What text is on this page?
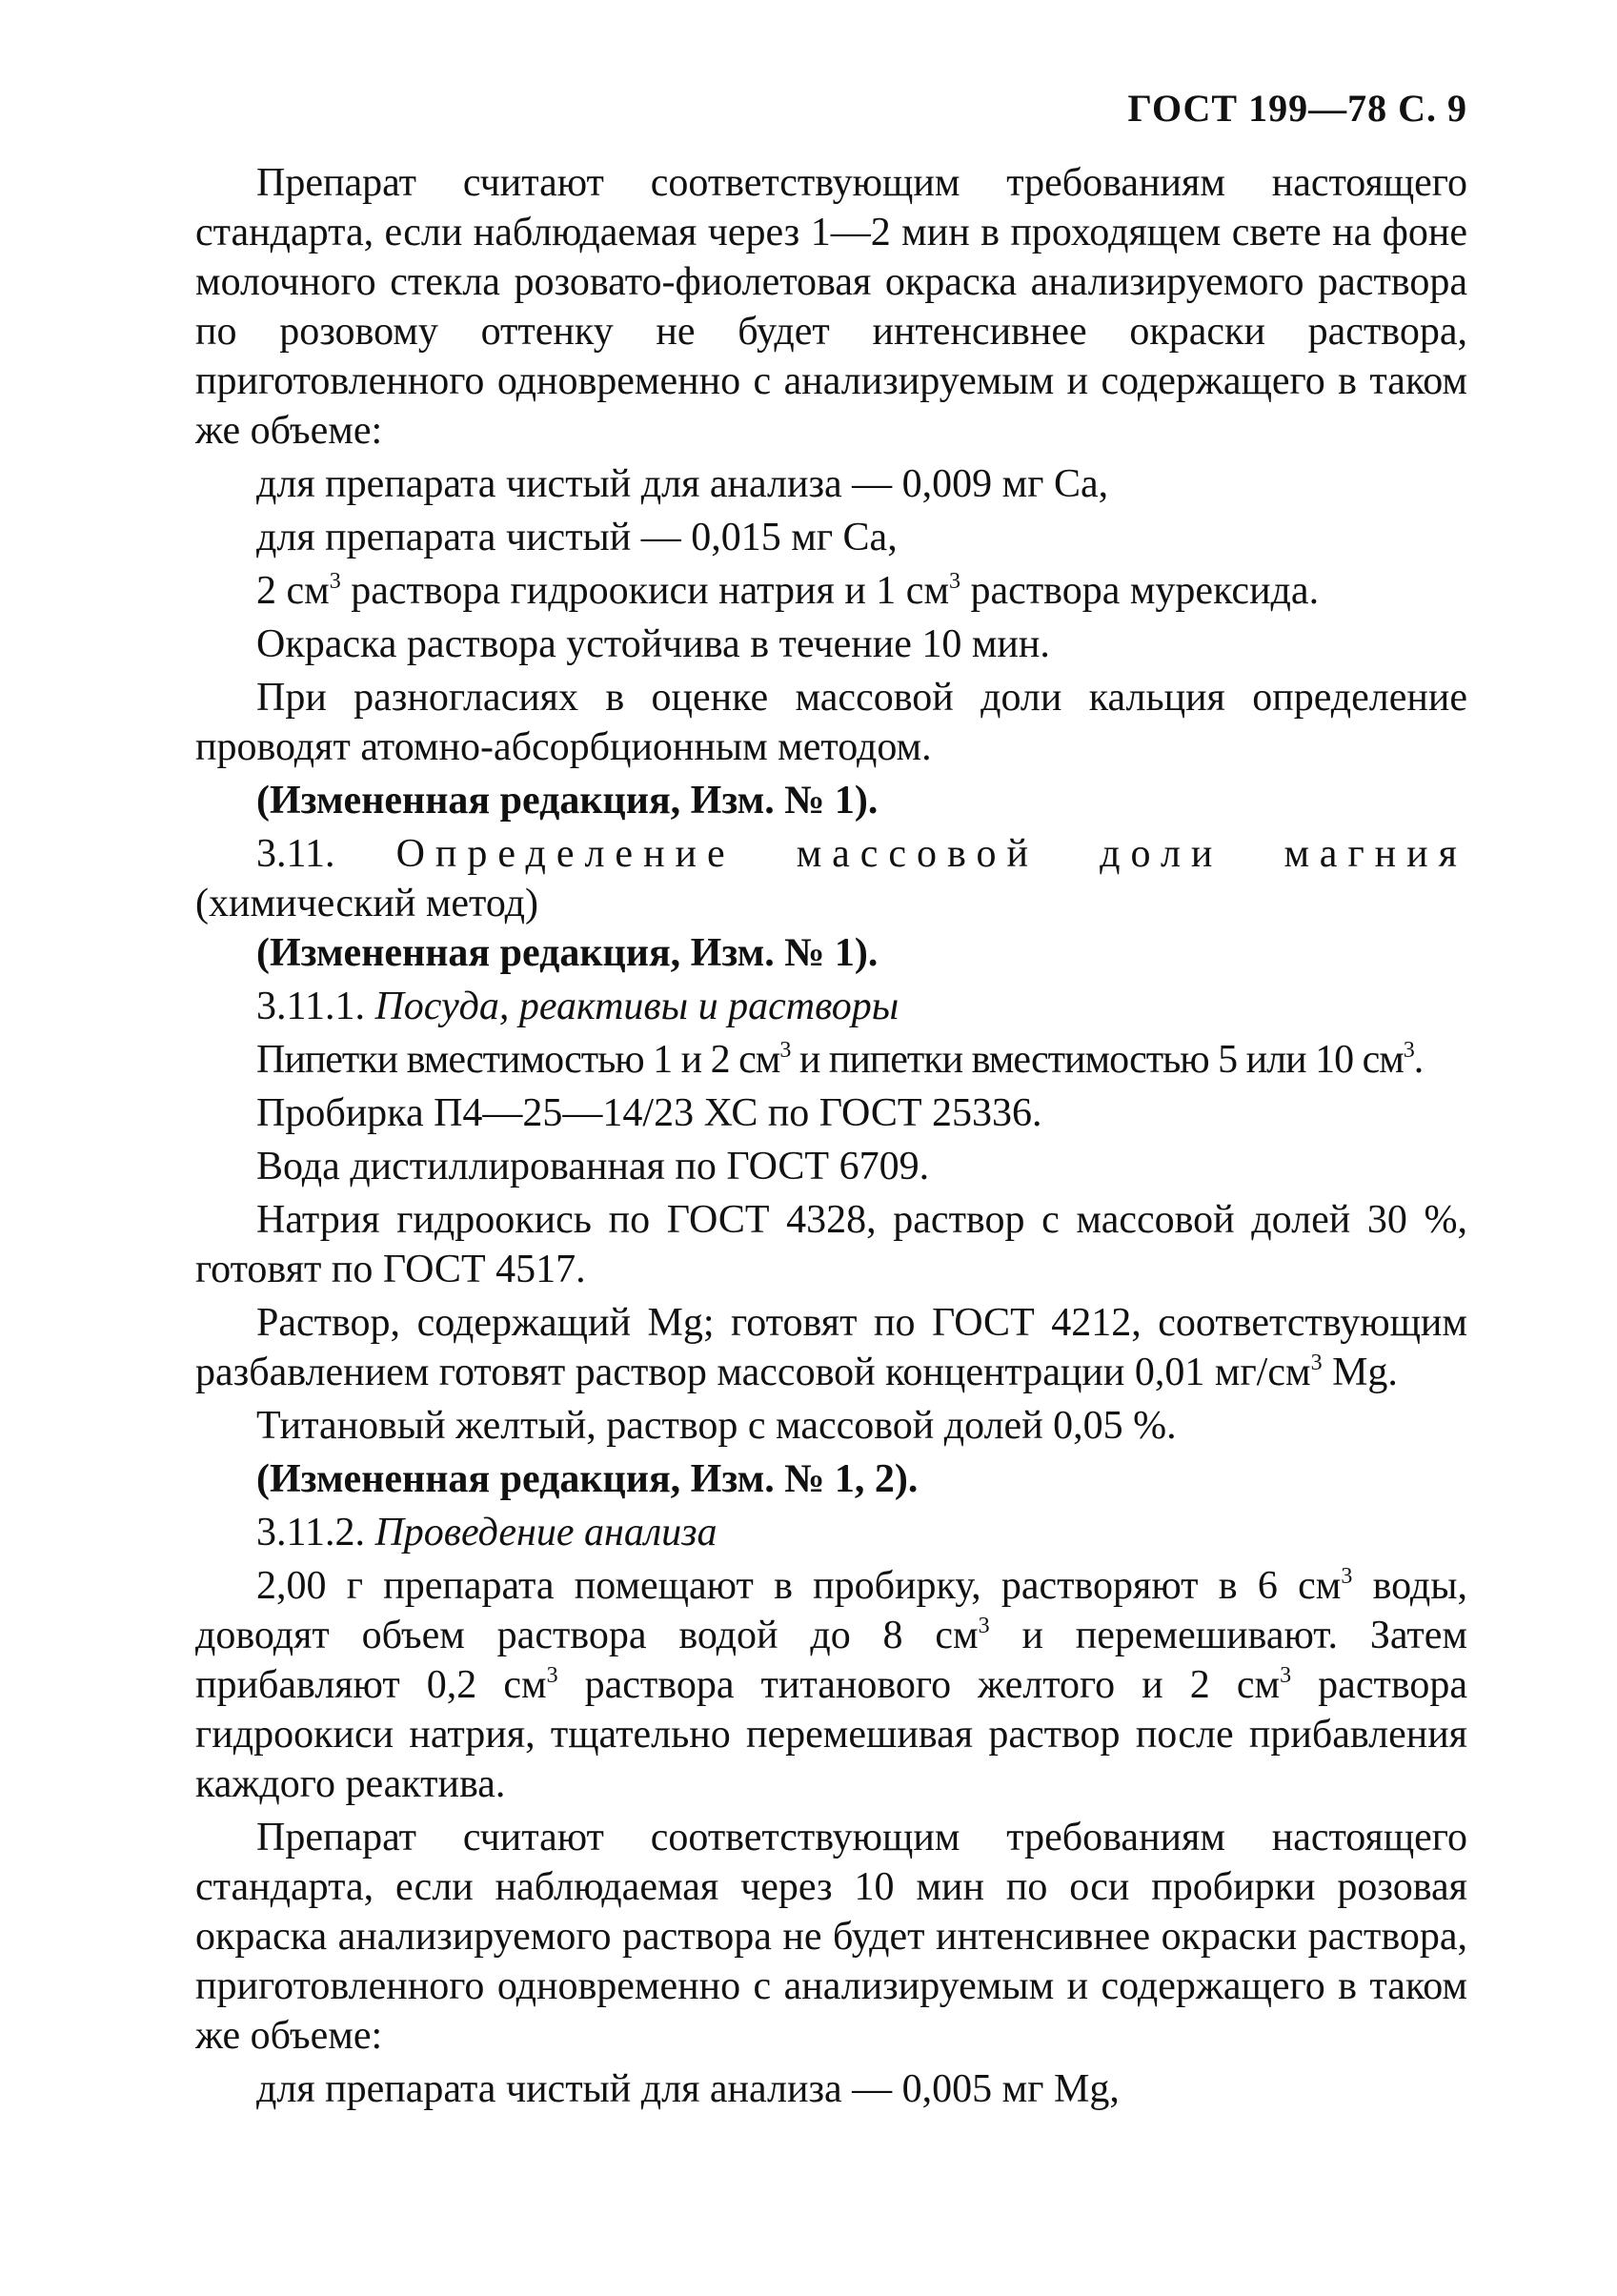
ГОСТ 199—78 С. 9
Препарат считают соответствующим требованиям настоящего стандарта, если наблюдаемая через 1—2 мин в проходящем свете на фоне молочного стекла розовато-фиолетовая окраска анализируемого раствора по розовому оттенку не будет интенсивнее окраски раствора, приготовленного одновременно с анализируемым и содержащего в таком же объеме:
для препарата чистый для анализа — 0,009 мг Са,
для препарата чистый — 0,015 мг Са,
2 $см^3$ раствора гидроокиси натрия и 1 $см^3$ раствора мурексида.
Окраска раствора устойчива в течение 10 мин.
При разногласиях в оценке массовой доли кальция определение проводят атомно-абсорбционным методом.
(Измененная редакция, Изм. № 1).
3.11. Определение массовой доли магния
(химический метод)
(Измененная редакция, Изм. № 1).
3.11.1. Посуда, реактивы и растворы
Пипетки вместимостью 1 и 2 $см^3$ и пипетки вместимостью 5 или 10 $см^3$.
Пробирка П4—25—14/23 ХС по ГОСТ 25336.
Вода дистиллированная по ГОСТ 6709.
Натрия гидроокись по ГОСТ 4328, раствор с массовой долей 30 %, готовят по ГОСТ 4517.
Раствор, содержащий Mg; готовят по ГОСТ 4212, соответствующим разбавлением готовят раствор массовой концентрации 0,01 $мг/см^3$ Mg.
Титановый желтый, раствор с массовой долей 0,05 %.
(Измененная редакция, Изм. № 1, 2).
3.11.2. Проведение анализа
2,00 г препарата помещают в пробирку, растворяют в 6 $см^3$ воды, доводят объем раствора водой до 8 $см^3$ и перемешивают. Затем прибавляют 0,2 $см^3$ раствора титанового желтого и 2 $см^3$ раствора гидроокиси натрия, тщательно перемешивая раствор после прибавления каждого реактива.
Препарат считают соответствующим требованиям настоящего стандарта, если наблюдаемая через 10 мин по оси пробирки розовая окраска анализируемого раствора не будет интенсивнее окраски раствора, приготовленного одновременно с анализируемым и содержащего в таком же объеме:
для препарата чистый для анализа — 0,005 мг Mg,
